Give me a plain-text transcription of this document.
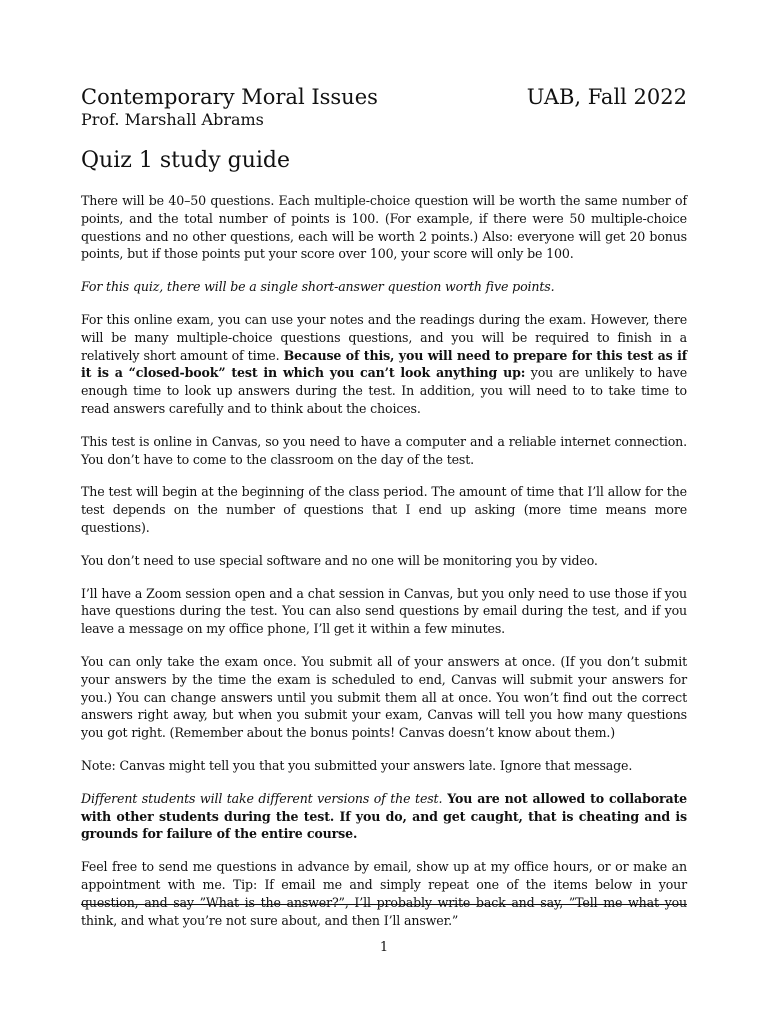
Contemporary Moral Issues	UAB, Fall 2022
Prof. Marshall Abrams
Quiz 1 study guide

There will be 40–50 questions. Each multiple-choice question will be worth the same number of points, and the total number of points is 100. (For example, if there were 50 multiple-choice questions and no other questions, each will be worth 2 points.) Also: everyone will get 20 bonus points, but if those points put your score over 100, your score will only be 100.

For this quiz, there will be a single short-answer question worth five points.

For this online exam, you can use your notes and the readings during the exam. However, there will be many multiple-choice questions questions, and you will be required to finish in a relatively short amount of time. Because of this, you will need to prepare for this test as if it is a “closed-book” test in which you can’t look anything up: you are unlikely to have enough time to look up answers during the test. In addition, you will need to to take time to read answers carefully and to think about the choices.

This test is online in Canvas, so you need to have a computer and a reliable internet connection. You don’t have to come to the classroom on the day of the test.

The test will begin at the beginning of the class period. The amount of time that I’ll allow for the test depends on the number of questions that I end up asking (more time means more questions).

You don’t need to use special software and no one will be monitoring you by video.

I’ll have a Zoom session open and a chat session in Canvas, but you only need to use those if you have questions during the test. You can also send questions by email during the test, and if you leave a message on my office phone, I’ll get it within a few minutes.

You can only take the exam once. You submit all of your answers at once. (If you don’t submit your answers by the time the exam is scheduled to end, Canvas will submit your answers for you.) You can change answers until you submit them all at once. You won’t find out the correct answers right away, but when you submit your exam, Canvas will tell you how many questions you got right. (Remember about the bonus points! Canvas doesn’t know about them.)

Note: Canvas might tell you that you submitted your answers late. Ignore that message.

Different students will take different versions of the test. You are not allowed to collaborate with other students during the test. If you do, and get caught, that is cheating and is grounds for failure of the entire course.

Feel free to send me questions in advance by email, show up at my office hours, or or make an appointment with me. Tip: If email me and simply repeat one of the items below in your question, and say ”What is the answer?”, I’ll probably write back and say, ”Tell me what you think, and what you’re not sure about, and then I’ll answer.”

1
